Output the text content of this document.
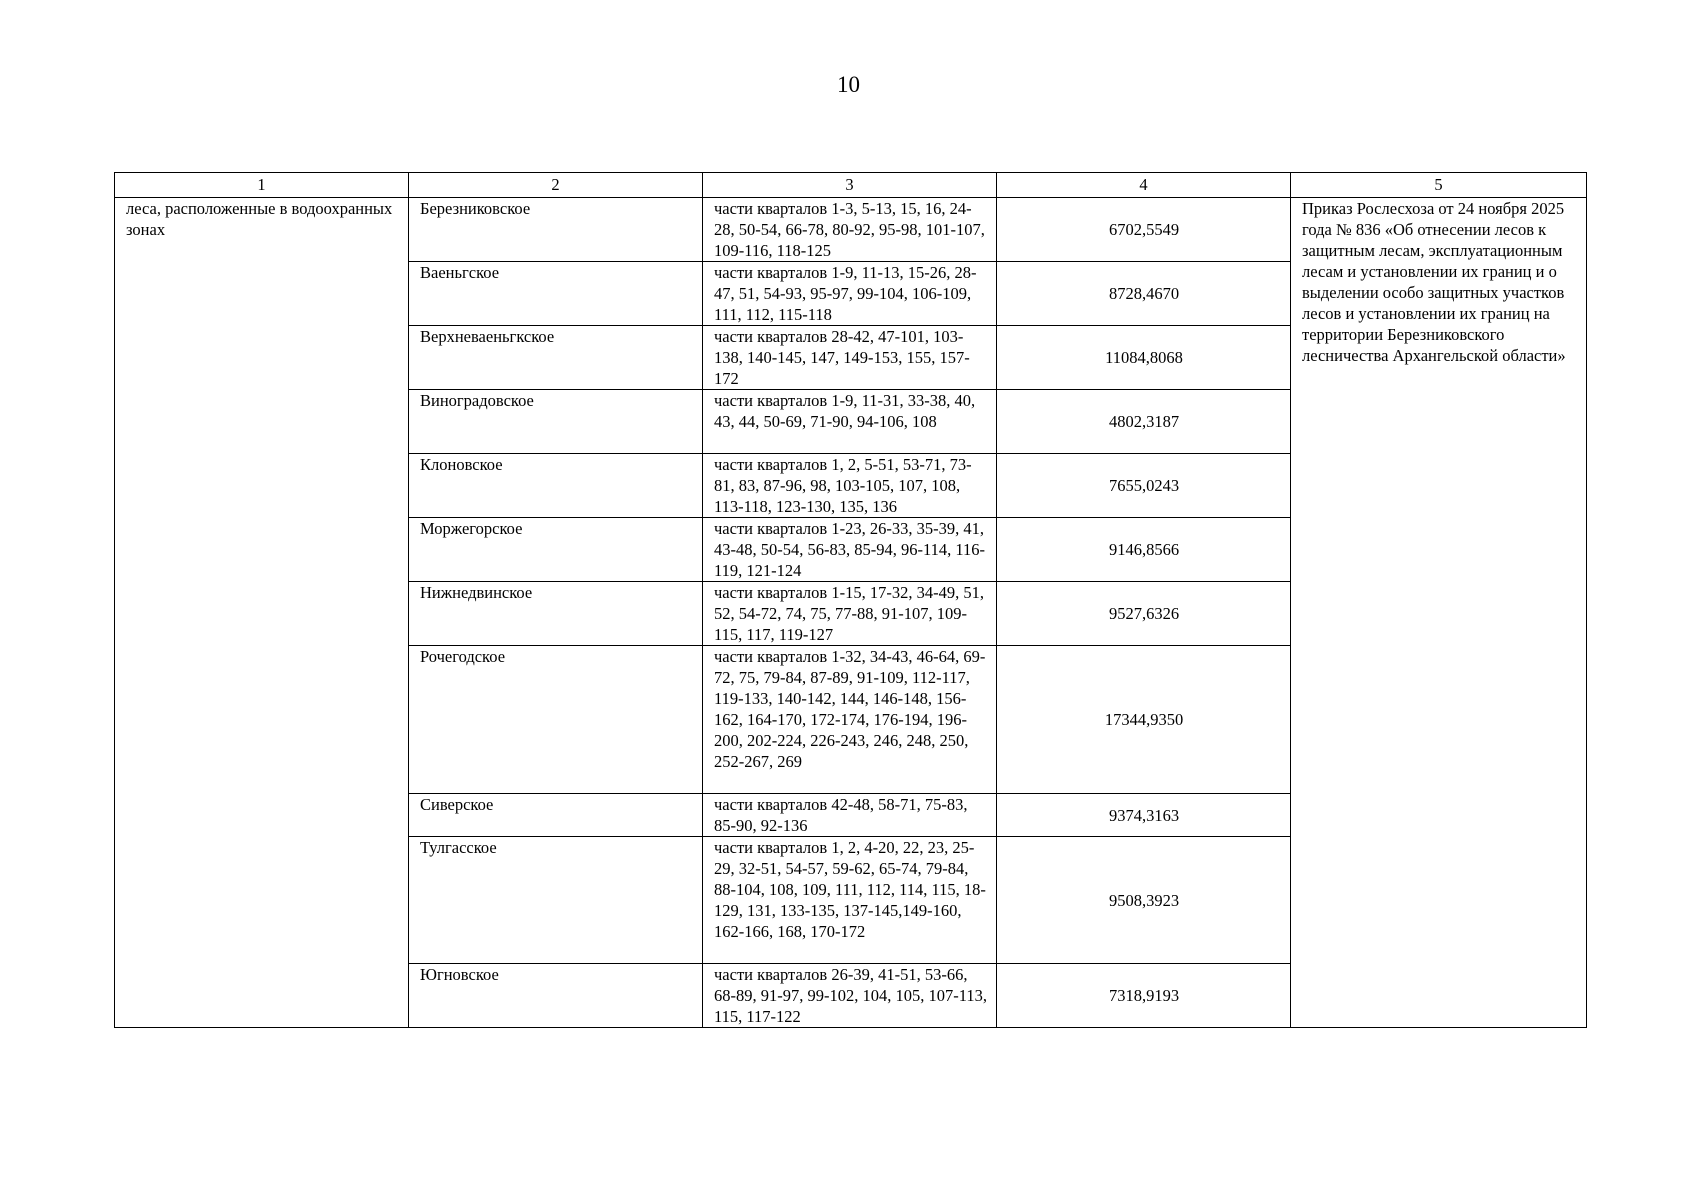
10
1	2	3	4	5
леса, расположенные в водоохранных зонах	Березниковское	части кварталов 1-3, 5-13, 15, 16, 24-28, 50-54, 66-78, 80-92, 95-98, 101-107, 109-116, 118-125	6702,5549	Приказ Рослесхоза от 24 ноября 2025 года № 836 «Об отнесении лесов к защитным лесам, эксплуатационным лесам и установлении их границ и о выделении особо защитных участков лесов и установлении их границ на территории Березниковского лесничества Архангельской области»
	Ваеньгское	части кварталов 1-9, 11-13, 15-26, 28-47, 51, 54-93, 95-97, 99-104, 106-109, 111, 112, 115-118	8728,4670	
	Верхневаеньгкское	части кварталов 28-42, 47-101, 103-138, 140-145, 147, 149-153, 155, 157-172	11084,8068	
	Виноградовское	части кварталов 1-9, 11-31, 33-38, 40, 43, 44, 50-69, 71-90, 94-106, 108	4802,3187	
	Клоновское	части кварталов 1, 2, 5-51, 53-71, 73-81, 83, 87-96, 98, 103-105, 107, 108, 113-118, 123-130, 135, 136	7655,0243	
	Моржегорское	части кварталов 1-23, 26-33, 35-39, 41, 43-48, 50-54, 56-83, 85-94, 96-114, 116-119, 121-124	9146,8566	
	Нижнедвинское	части кварталов 1-15, 17-32, 34-49, 51, 52, 54-72, 74, 75, 77-88, 91-107, 109-115, 117, 119-127	9527,6326	
	Рочегодское	части кварталов 1-32, 34-43, 46-64, 69-72, 75, 79-84, 87-89, 91-109, 112-117, 119-133, 140-142, 144, 146-148, 156-162, 164-170, 172-174, 176-194, 196-200, 202-224, 226-243, 246, 248, 250, 252-267, 269	17344,9350	
	Сиверское	части кварталов 42-48, 58-71, 75-83, 85-90, 92-136	9374,3163	
	Тулгасское	части кварталов 1, 2, 4-20, 22, 23, 25-29, 32-51, 54-57, 59-62, 65-74, 79-84, 88-104, 108, 109, 111, 112, 114, 115, 18-129, 131, 133-135, 137-145,149-160, 162-166, 168, 170-172	9508,3923	
	Югновское	части кварталов 26-39, 41-51, 53-66, 68-89, 91-97, 99-102, 104, 105, 107-113, 115, 117-122	7318,9193	
